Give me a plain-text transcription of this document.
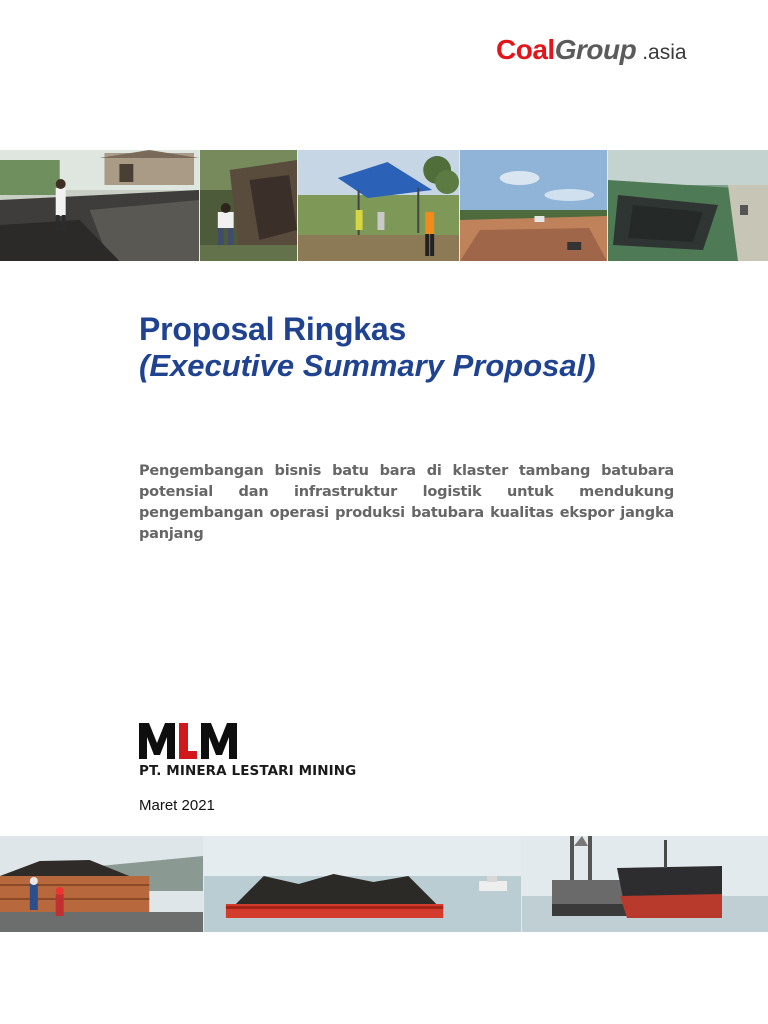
CoalGroup .asia
Proposal Ringkas
(Executive Summary Proposal)

Pengembangan bisnis batu bara di klaster tambang batubara potensial dan infrastruktur logistik untuk mendukung pengembangan operasi produksi batubara kualitas ekspor jangka panjang

PT. MINERA LESTARI MINING
Maret 2021
